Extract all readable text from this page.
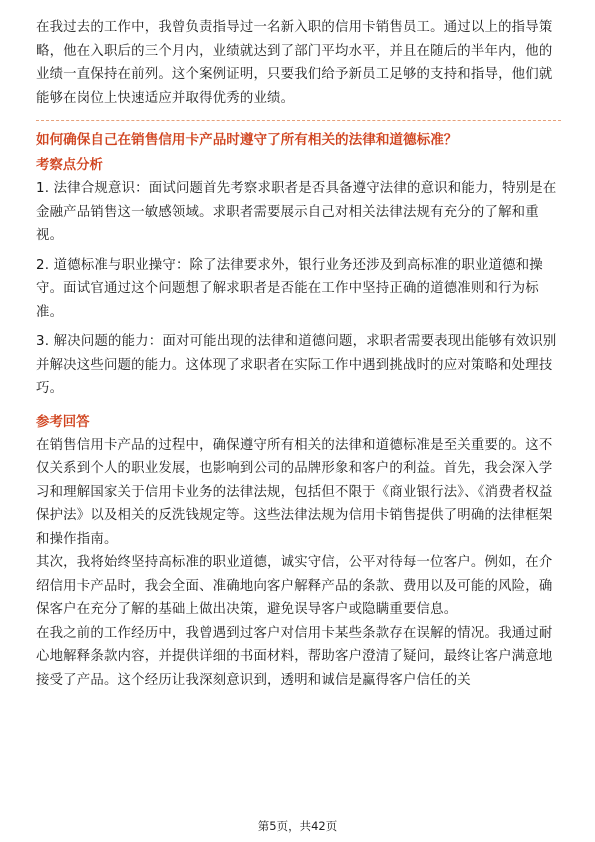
在我过去的工作中，我曾负责指导过一名新入职的信用卡销售员工。通过以上的指导策略，他在入职后的三个月内，业绩就达到了部门平均水平，并且在随后的半年内，他的业绩一直保持在前列。这个案例证明，只要我们给予新员工足够的支持和指导，他们就能够在岗位上快速适应并取得优秀的业绩。

如何确保自己在销售信用卡产品时遵守了所有相关的法律和道德标准？
考察点分析

1. 法律合规意识：面试问题首先考察求职者是否具备遵守法律的意识和能力，特别是在金融产品销售这一敏感领域。求职者需要展示自己对相关法律法规有充分的了解和重视。

2. 道德标准与职业操守：除了法律要求外，银行业务还涉及到高标准的职业道德和操守。面试官通过这个问题想了解求职者是否能在工作中坚持正确的道德准则和行为标准。

3. 解决问题的能力：面对可能出现的法律和道德问题，求职者需要表现出能够有效识别并解决这些问题的能力。这体现了求职者在实际工作中遇到挑战时的应对策略和处理技巧。

参考回答

在销售信用卡产品的过程中，确保遵守所有相关的法律和道德标准是至关重要的。这不仅关系到个人的职业发展，也影响到公司的品牌形象和客户的利益。首先，我会深入学习和理解国家关于信用卡业务的法律法规，包括但不限于《商业银行法》、《消费者权益保护法》以及相关的反洗钱规定等。这些法律法规为信用卡销售提供了明确的法律框架和操作指南。

其次，我将始终坚持高标准的职业道德，诚实守信，公平对待每一位客户。例如，在介绍信用卡产品时，我会全面、准确地向客户解释产品的条款、费用以及可能的风险，确保客户在充分了解的基础上做出决策，避免误导客户或隐瞒重要信息。

在我之前的工作经历中，我曾遇到过客户对信用卡某些条款存在误解的情况。我通过耐心地解释条款内容，并提供详细的书面材料，帮助客户澄清了疑问，最终让客户满意地接受了产品。这个经历让我深刻意识到，透明和诚信是赢得客户信任的关

第5页，共42页
